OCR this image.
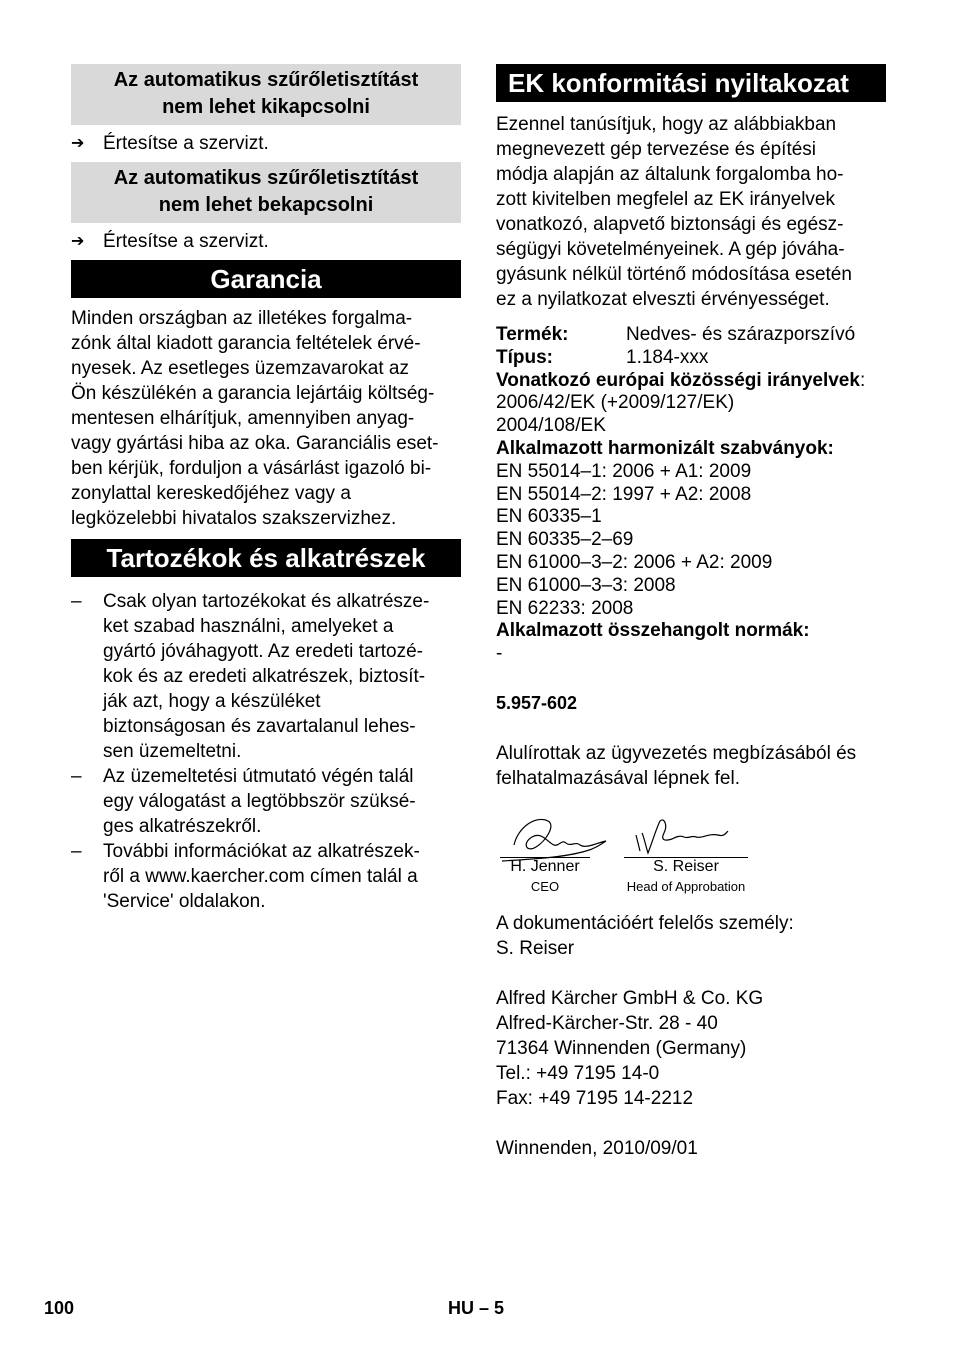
Az automatikus szűrőletisztítást
nem lehet kikapcsolni
➔ Értesítse a szervizt.
Az automatikus szűrőletisztítást
nem lehet bekapcsolni
➔ Értesítse a szervizt.
Garancia
Minden országban az illetékes forgalma-
zónk által kiadott garancia feltételek érvé-
nyesek. Az esetleges üzemzavarokat az
Ön készülékén a garancia lejártáig költség-
mentesen elhárítjuk, amennyiben anyag-
vagy gyártási hiba az oka. Garanciális eset-
ben kérjük, forduljon a vásárlást igazoló bi-
zonylattal kereskedőjéhez vagy a
legközelebbi hivatalos szakszervizhez.
Tartozékok és alkatrészek
–	Csak olyan tartozékokat és alkatrésze-
ket szabad használni, amelyeket a
gyártó jóváhagyott. Az eredeti tartozé-
kok és az eredeti alkatrészek, biztosít-
ják azt, hogy a készüléket
biztonságosan és zavartalanul lehes-
sen üzemeltetni.
–	Az üzemeltetési útmutató végén talál
egy válogatást a legtöbbször szüksé-
ges alkatrészekről.
–	További információkat az alkatrészek-
ről a www.kaercher.com címen talál a
'Service' oldalakon.
EK konformitási nyiltakozat
Ezennel tanúsítjuk, hogy az alábbiakban
megnevezett gép tervezése és építési
módja alapján az általunk forgalomba ho-
zott kivitelben megfelel az EK irányelvek
vonatkozó, alapvető biztonsági és egész-
ségügyi követelményeinek. A gép jóváha-
gyásunk nélkül történő módosítása esetén
ez a nyilatkozat elveszti érvényességet.
Termék:	Nedves- és szárazporszívó
Típus:	1.184-xxx
Vonatkozó európai közösségi irányelvek:
2006/42/EK (+2009/127/EK)
2004/108/EK
Alkalmazott harmonizált szabványok:
EN 55014–1: 2006 + A1: 2009
EN 55014–2: 1997 + A2: 2008
EN 60335–1
EN 60335–2–69
EN 61000–3–2: 2006 + A2: 2009
EN 61000–3–3: 2008
EN 62233: 2008
Alkalmazott összehangolt normák:
-
5.957-602
Alulírottak az ügyvezetés megbízásából és
felhatalmazásával lépnek fel.
H. Jenner
CEO
S. Reiser
Head of Approbation
A dokumentációért felelős személy:
S. Reiser
Alfred Kärcher GmbH & Co. KG
Alfred-Kärcher-Str. 28 - 40
71364 Winnenden (Germany)
Tel.: +49 7195 14-0
Fax: +49 7195 14-2212
Winnenden, 2010/09/01
100	HU – 5
